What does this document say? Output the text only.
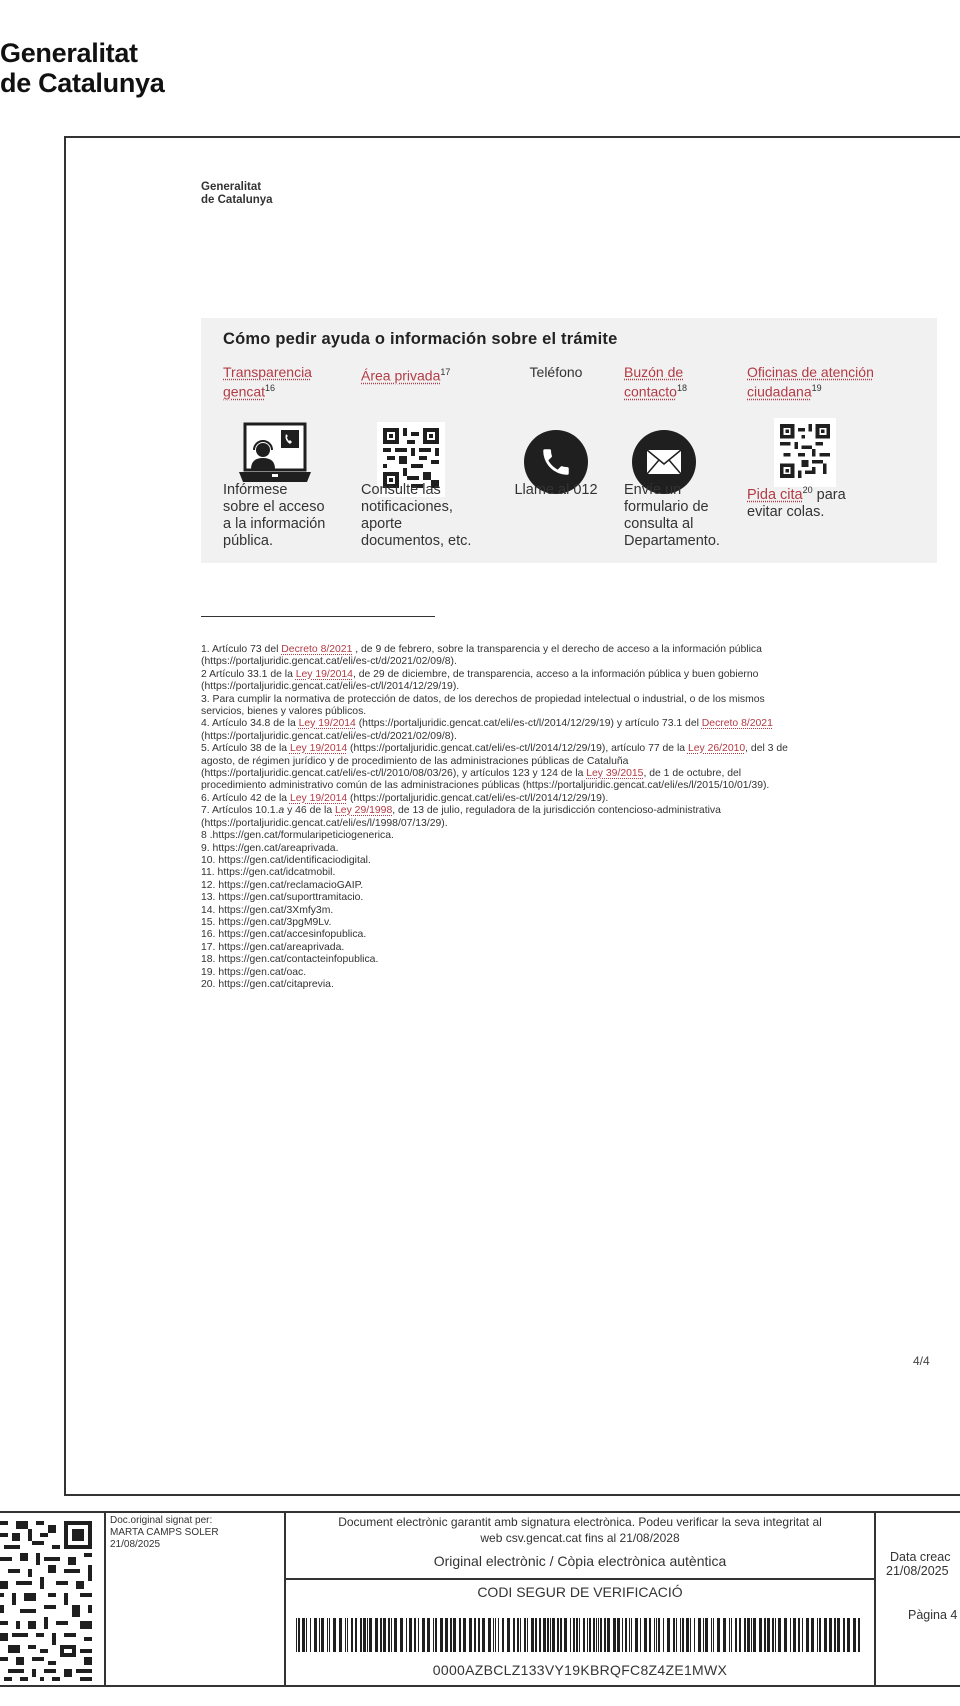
Generalitat
de Catalunya
Generalitat
de Catalunya
Cómo pedir ayuda o información sobre el trámite
Transparencia
gencat$^{16}$
Infórmese
sobre el acceso
a la información
pública.
Área privada$^{17}$
Consulte las
notificaciones,
aporte
documentos, etc.
Teléfono
Llame al 012
Buzón de
contacto$^{18}$
Envíe un
formulario de
consulta al
Departamento.
Oficinas de atención
ciudadana$^{19}$
Pida cita$^{20}$ para
evitar colas.
1. Artículo 73 del Decreto 8/2021 , de 9 de febrero, sobre la transparencia y el derecho de acceso a la información pública
(https://portaljuridic.gencat.cat/eli/es-ct/d/2021/02/09/8).
2 Artículo 33.1 de la Ley 19/2014, de 29 de diciembre, de transparencia, acceso a la información pública y buen gobierno
(https://portaljuridic.gencat.cat/eli/es-ct/l/2014/12/29/19).
3. Para cumplir la normativa de protección de datos, de los derechos de propiedad intelectual o industrial, o de los mismos
servicios, bienes y valores públicos.
4. Artículo 34.8 de la Ley 19/2014 (https://portaljuridic.gencat.cat/eli/es-ct/l/2014/12/29/19) y artículo 73.1 del Decreto 8/2021
(https://portaljuridic.gencat.cat/eli/es-ct/d/2021/02/09/8).
5. Artículo 38 de la Ley 19/2014 (https://portaljuridic.gencat.cat/eli/es-ct/l/2014/12/29/19), artículo 77 de la Ley 26/2010, del 3 de
agosto, de régimen jurídico y de procedimiento de las administraciones públicas de Cataluña
(https://portaljuridic.gencat.cat/eli/es-ct/l/2010/08/03/26), y artículos 123 y 124 de la Ley 39/2015, de 1 de octubre, del
procedimiento administrativo común de las administraciones públicas (https://portaljuridic.gencat.cat/eli/es/l/2015/10/01/39).
6. Artículo 42 de la Ley 19/2014 (https://portaljuridic.gencat.cat/eli/es-ct/l/2014/12/29/19).
7. Artículos 10.1.a y 46 de la Ley 29/1998, de 13 de julio, reguladora de la jurisdicción contencioso-administrativa
(https://portaljuridic.gencat.cat/eli/es/l/1998/07/13/29).
8 .https://gen.cat/formularipeticiogenerica.
9. https://gen.cat/areaprivada.
10. https://gen.cat/identificaciodigital.
11. https://gen.cat/idcatmobil.
12. https://gen.cat/reclamacioGAIP.
13. https://gen.cat/suporttramitacio.
14. https://gen.cat/3Xmfy3m.
15. https://gen.cat/3pgM9Lv.
16. https://gen.cat/accesinfopublica.
17. https://gen.cat/areaprivada.
18. https://gen.cat/contacteinfopublica.
19. https://gen.cat/oac.
20. https://gen.cat/citaprevia.
4/4
Doc.original signat per:
MARTA CAMPS SOLER
21/08/2025
Document electrònic garantit amb signatura electrònica. Podeu verificar la seva integritat al
web csv.gencat.cat fins al 21/08/2028
Original electrònic / Còpia electrònica autèntica
CODI SEGUR DE VERIFICACIÓ
0000AZBCLZ133VY19KBRQFC8Z4ZE1MWX
Data creac
21/08/2025
Pàgina 4
